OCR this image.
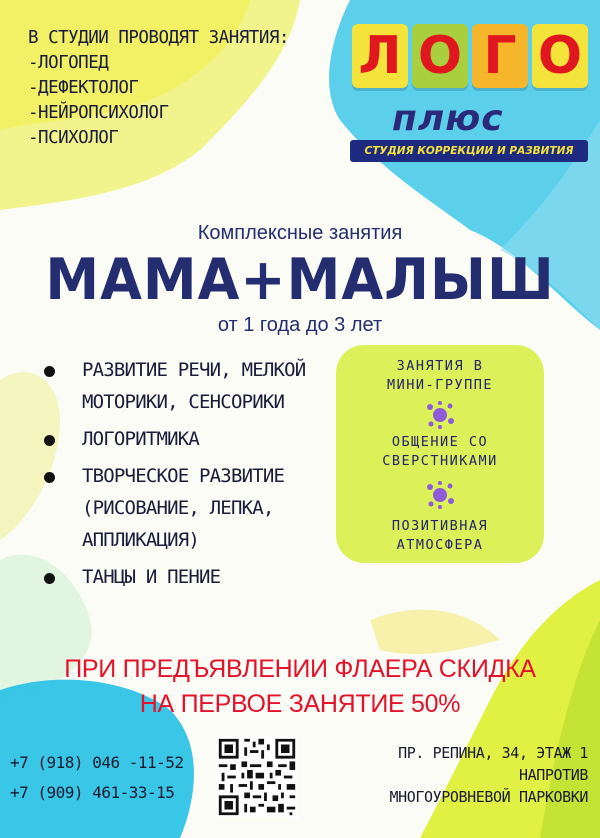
В СТУДИИ ПРОВОДЯТ ЗАНЯТИЯ:
-ЛОГОПЕД
-ДЕФЕКТОЛОГ
-НЕЙРОПСИХОЛОГ
-ПСИХОЛОГ
Л О Г О
плюс
СТУДИЯ КОРРЕКЦИИ И РАЗВИТИЯ
Комплексные занятия
МАМА+МАЛЫШ
от 1 года до 3 лет
РАЗВИТИЕ РЕЧИ, МЕЛКОЙ МОТОРИКИ, СЕНСОРИКИ
ЛОГОРИТМИКА
ТВОРЧЕСКОЕ РАЗВИТИЕ (РИСОВАНИЕ, ЛЕПКА, АППЛИКАЦИЯ)
ТАНЦЫ И ПЕНИЕ
ЗАНЯТИЯ В
МИНИ-ГРУППЕ
ОБЩЕНИЕ СО
СВЕРСТНИКАМИ
ПОЗИТИВНАЯ
АТМОСФЕРА
ПРИ ПРЕДЪЯВЛЕНИИ ФЛАЕРА СКИДКА
НА ПЕРВОЕ ЗАНЯТИЕ 50%
+7 (918) 046 -11-52
+7 (909) 461-33-15
ПР. РЕПИНА, 34, ЭТАЖ 1
НАПРОТИВ
МНОГОУРОВНЕВОЙ ПАРКОВКИ
